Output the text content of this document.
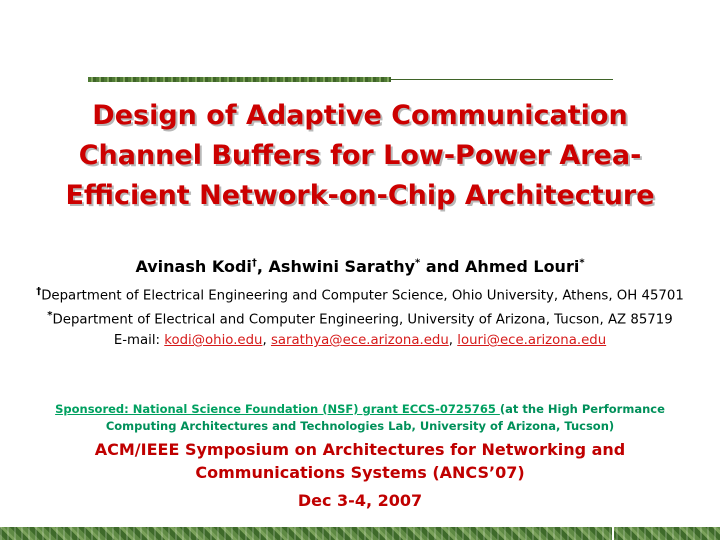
Design of Adaptive Communication
Channel Buffers for Low-Power Area-
Efficient Network-on-Chip Architecture
Avinash Kodi†, Ashwini Sarathy* and Ahmed Louri*
†Department of Electrical Engineering and Computer Science, Ohio University, Athens, OH 45701
*Department of Electrical and Computer Engineering, University of Arizona, Tucson, AZ 85719
E-mail: kodi@ohio.edu, sarathya@ece.arizona.edu, louri@ece.arizona.edu
Sponsored: National Science Foundation (NSF) grant ECCS-0725765 (at the High Performance Computing Architectures and Technologies Lab, University of Arizona, Tucson)
ACM/IEEE Symposium on Architectures for Networking and
Communications Systems (ANCS’07)
Dec 3-4, 2007
